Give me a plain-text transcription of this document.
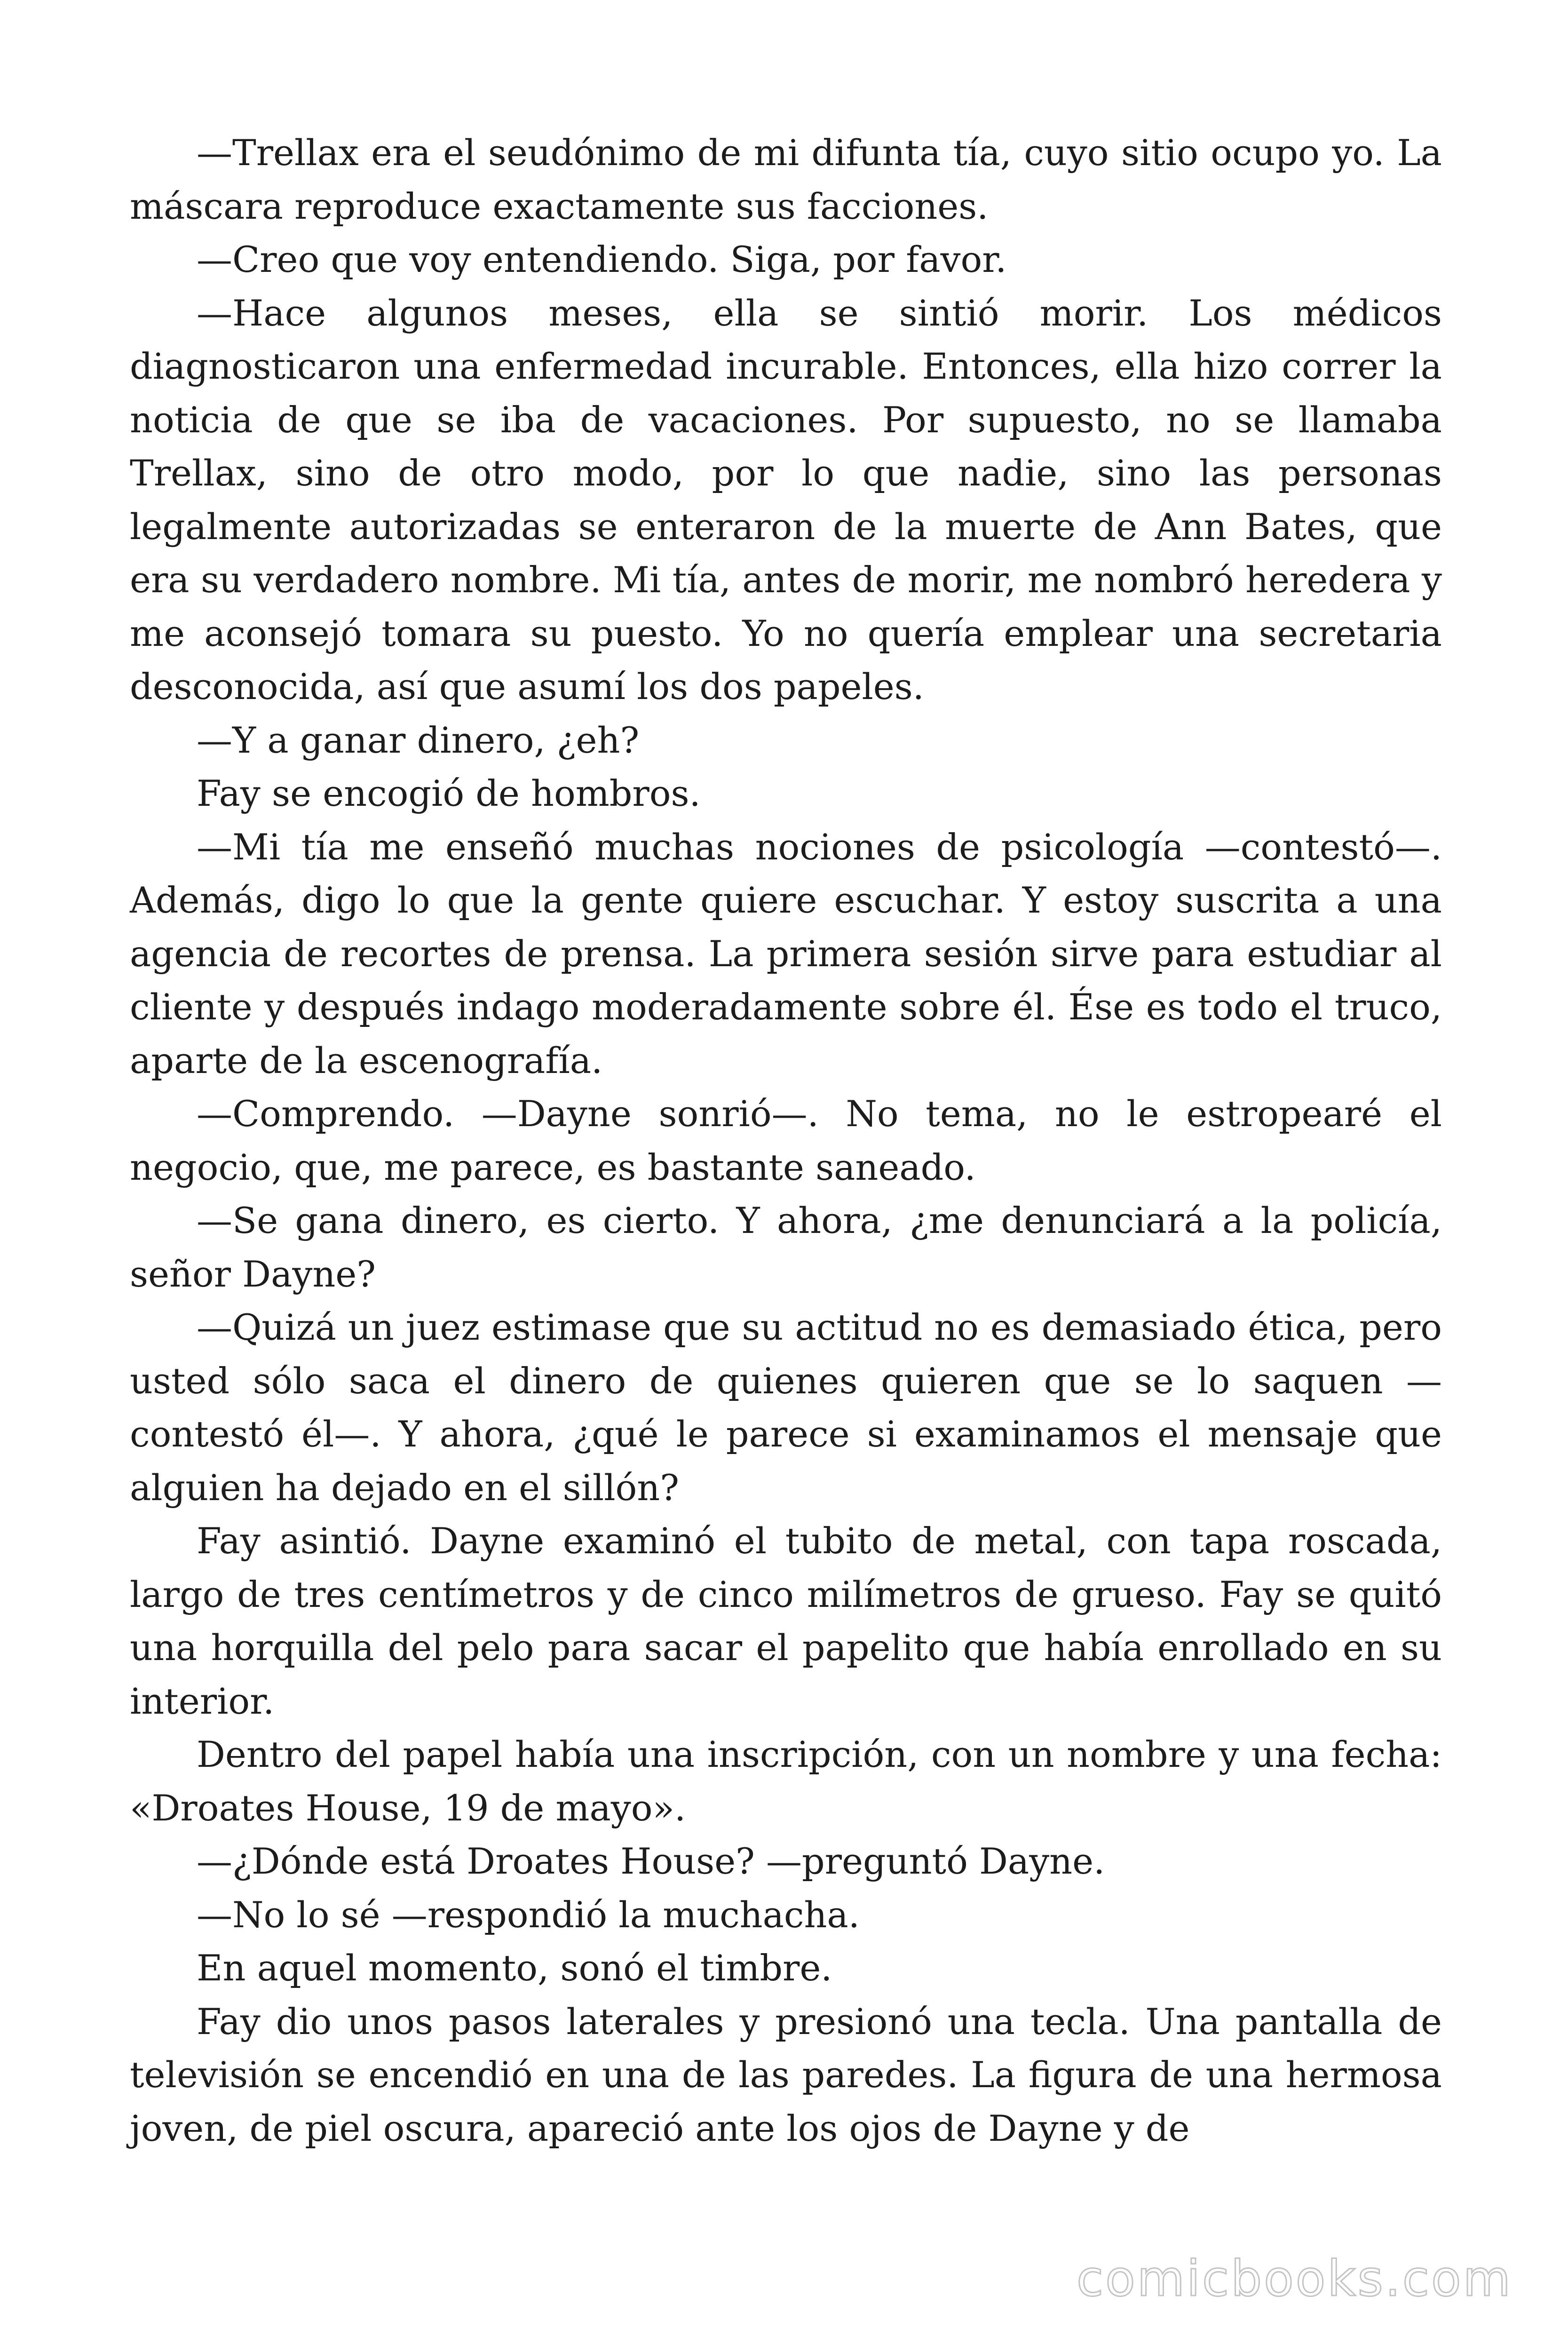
—Trellax era el seudónimo de mi difunta tía, cuyo sitio ocupo yo. La máscara reproduce exactamente sus facciones.

—Creo que voy entendiendo. Siga, por favor.

—Hace algunos meses, ella se sintió morir. Los médicos diagnosticaron una enfermedad incurable. Entonces, ella hizo correr la noticia de que se iba de vacaciones. Por supuesto, no se llamaba Trellax, sino de otro modo, por lo que nadie, sino las personas legalmente autorizadas se enteraron de la muerte de Ann Bates, que era su verdadero nombre. Mi tía, antes de morir, me nombró heredera y me aconsejó tomara su puesto. Yo no quería emplear una secretaria desconocida, así que asumí los dos papeles.

—Y a ganar dinero, ¿eh?

Fay se encogió de hombros.

—Mi tía me enseñó muchas nociones de psicología —contestó—. Además, digo lo que la gente quiere escuchar. Y estoy suscrita a una agencia de recortes de prensa. La primera sesión sirve para estudiar al cliente y después indago moderadamente sobre él. Ése es todo el truco, aparte de la escenografía.

—Comprendo. —Dayne sonrió—. No tema, no le estropearé el negocio, que, me parece, es bastante saneado.

—Se gana dinero, es cierto. Y ahora, ¿me denunciará a la policía, señor Dayne?

—Quizá un juez estimase que su actitud no es demasiado ética, pero usted sólo saca el dinero de quienes quieren que se lo saquen —contestó él—. Y ahora, ¿qué le parece si examinamos el mensaje que alguien ha dejado en el sillón?

Fay asintió. Dayne examinó el tubito de metal, con tapa roscada, largo de tres centímetros y de cinco milímetros de grueso. Fay se quitó una horquilla del pelo para sacar el papelito que había enrollado en su interior.

Dentro del papel había una inscripción, con un nombre y una fecha: «Droates House, 19 de mayo».

—¿Dónde está Droates House? —preguntó Dayne.

—No lo sé —respondió la muchacha.

En aquel momento, sonó el timbre.

Fay dio unos pasos laterales y presionó una tecla. Una pantalla de televisión se encendió en una de las paredes. La figura de una hermosa joven, de piel oscura, apareció ante los ojos de Dayne y de

comicbooks.com
